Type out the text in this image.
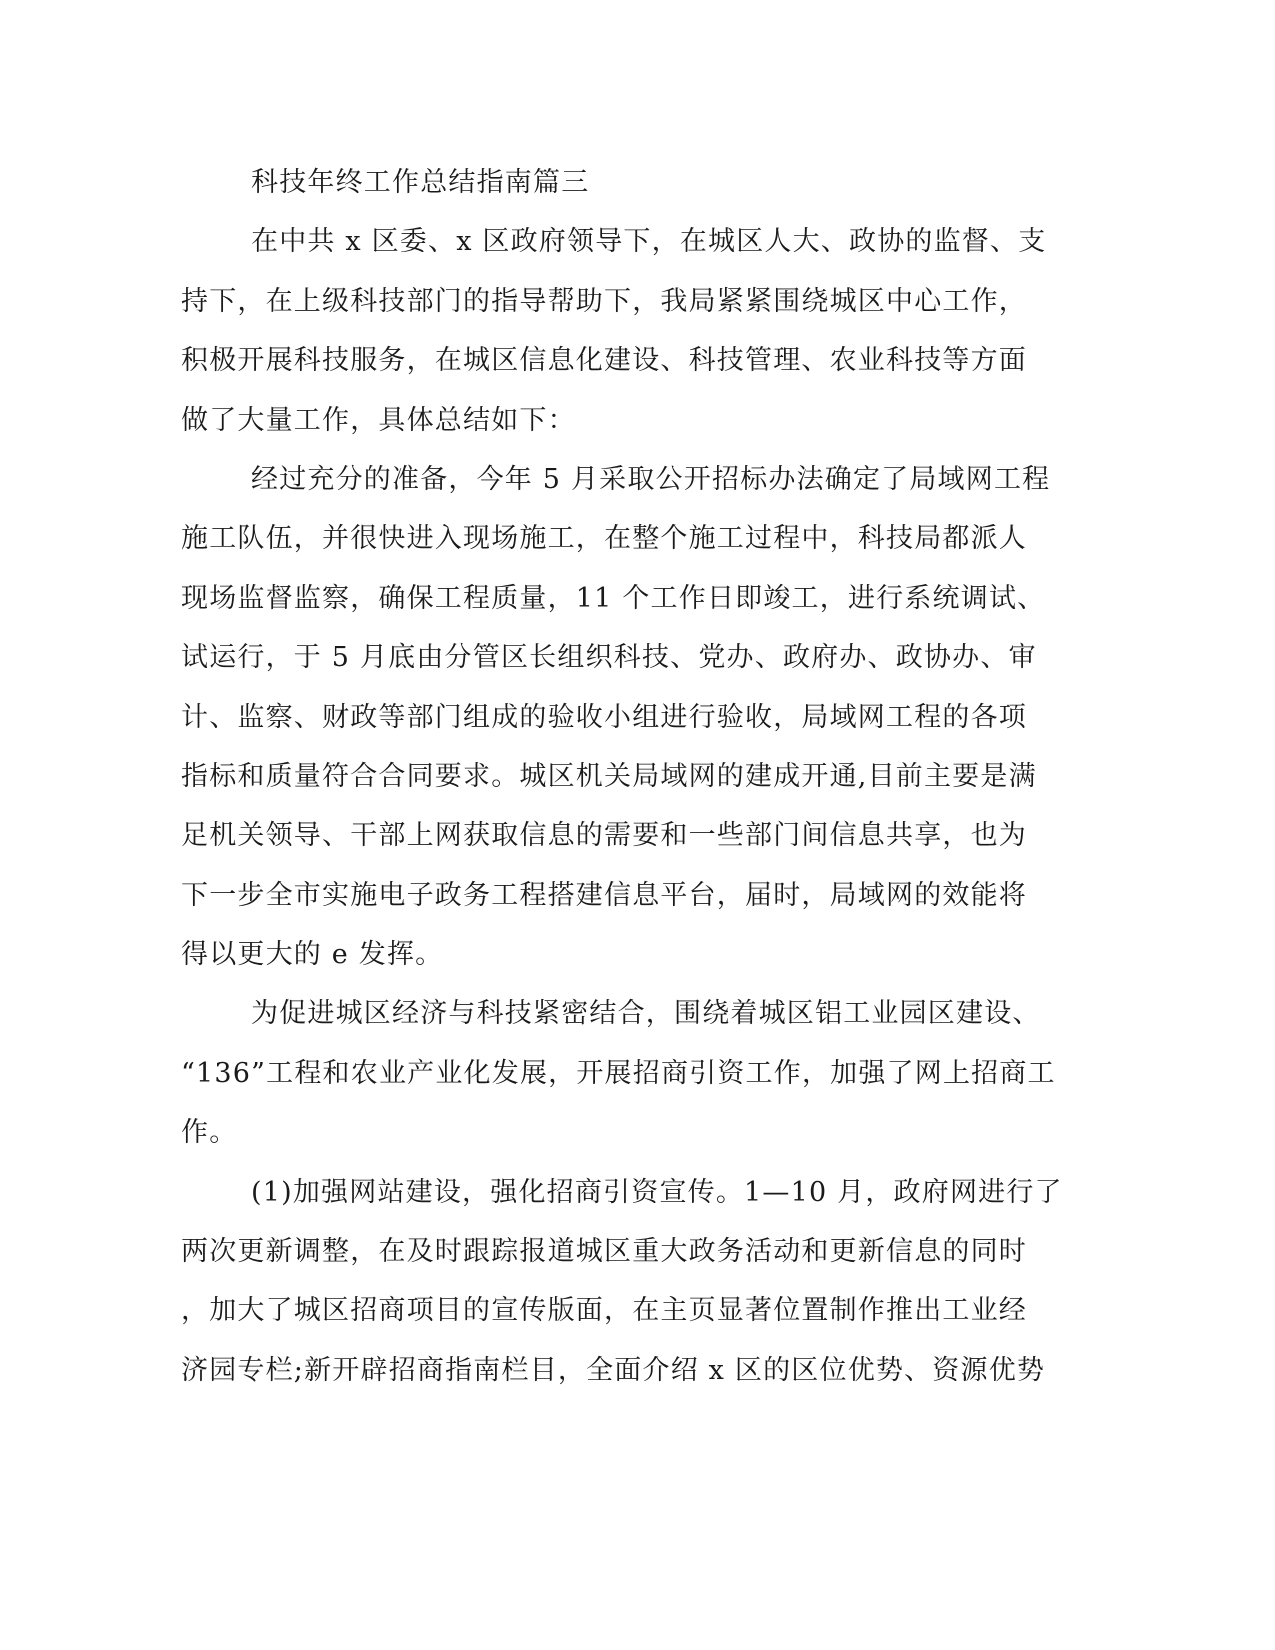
科技年终工作总结指南篇三
在中共 x 区委、x 区政府领导下，在城区人大、政协的监督、支
持下，在上级科技部门的指导帮助下，我局紧紧围绕城区中心工作，
积极开展科技服务，在城区信息化建设、科技管理、农业科技等方面
做了大量工作，具体总结如下：
经过充分的准备，今年 5 月采取公开招标办法确定了局域网工程
施工队伍，并很快进入现场施工，在整个施工过程中，科技局都派人
现场监督监察，确保工程质量，11 个工作日即竣工，进行系统调试、
试运行，于 5 月底由分管区长组织科技、党办、政府办、政协办、审
计、监察、财政等部门组成的验收小组进行验收，局域网工程的各项
指标和质量符合合同要求。城区机关局域网的建成开通,目前主要是满
足机关领导、干部上网获取信息的需要和一些部门间信息共享，也为
下一步全市实施电子政务工程搭建信息平台，届时，局域网的效能将
得以更大的 e 发挥。
为促进城区经济与科技紧密结合，围绕着城区铝工业园区建设、
“136”工程和农业产业化发展，开展招商引资工作，加强了网上招商工
作。
(1)加强网站建设，强化招商引资宣传。1—10 月，政府网进行了
两次更新调整，在及时跟踪报道城区重大政务活动和更新信息的同时
，加大了城区招商项目的宣传版面，在主页显著位置制作推出工业经
济园专栏;新开辟招商指南栏目，全面介绍 x 区的区位优势、资源优势
